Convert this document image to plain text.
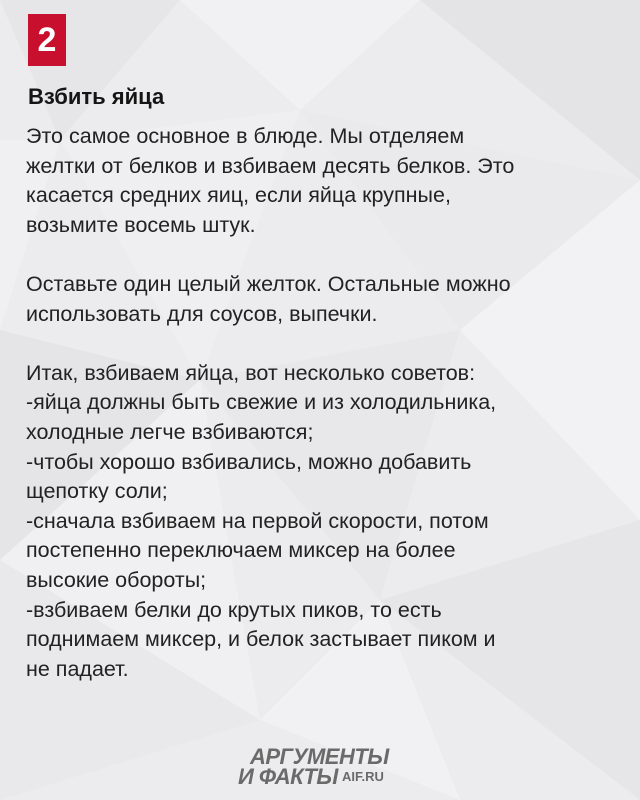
2
Взбить яйца
Это самое основное в блюде. Мы отделяем
желтки от белков и взбиваем десять белков. Это
касается средних яиц, если яйца крупные,
возьмите восемь штук.
Оставьте один целый желток. Остальные можно
использовать для соусов, выпечки.
Итак, взбиваем яйца, вот несколько советов:
-яйца должны быть свежие и из холодильника,
холодные легче взбиваются;
-чтобы хорошо взбивались, можно добавить
щепотку соли;
-сначала взбиваем на первой скорости, потом
постепенно переключаем миксер на более
высокие обороты;
-взбиваем белки до крутых пиков, то есть
поднимаем миксер, и белок застывает пиком и
не падает.
АРГУМЕНТЫ
И ФАКТЫ AIF.RU
